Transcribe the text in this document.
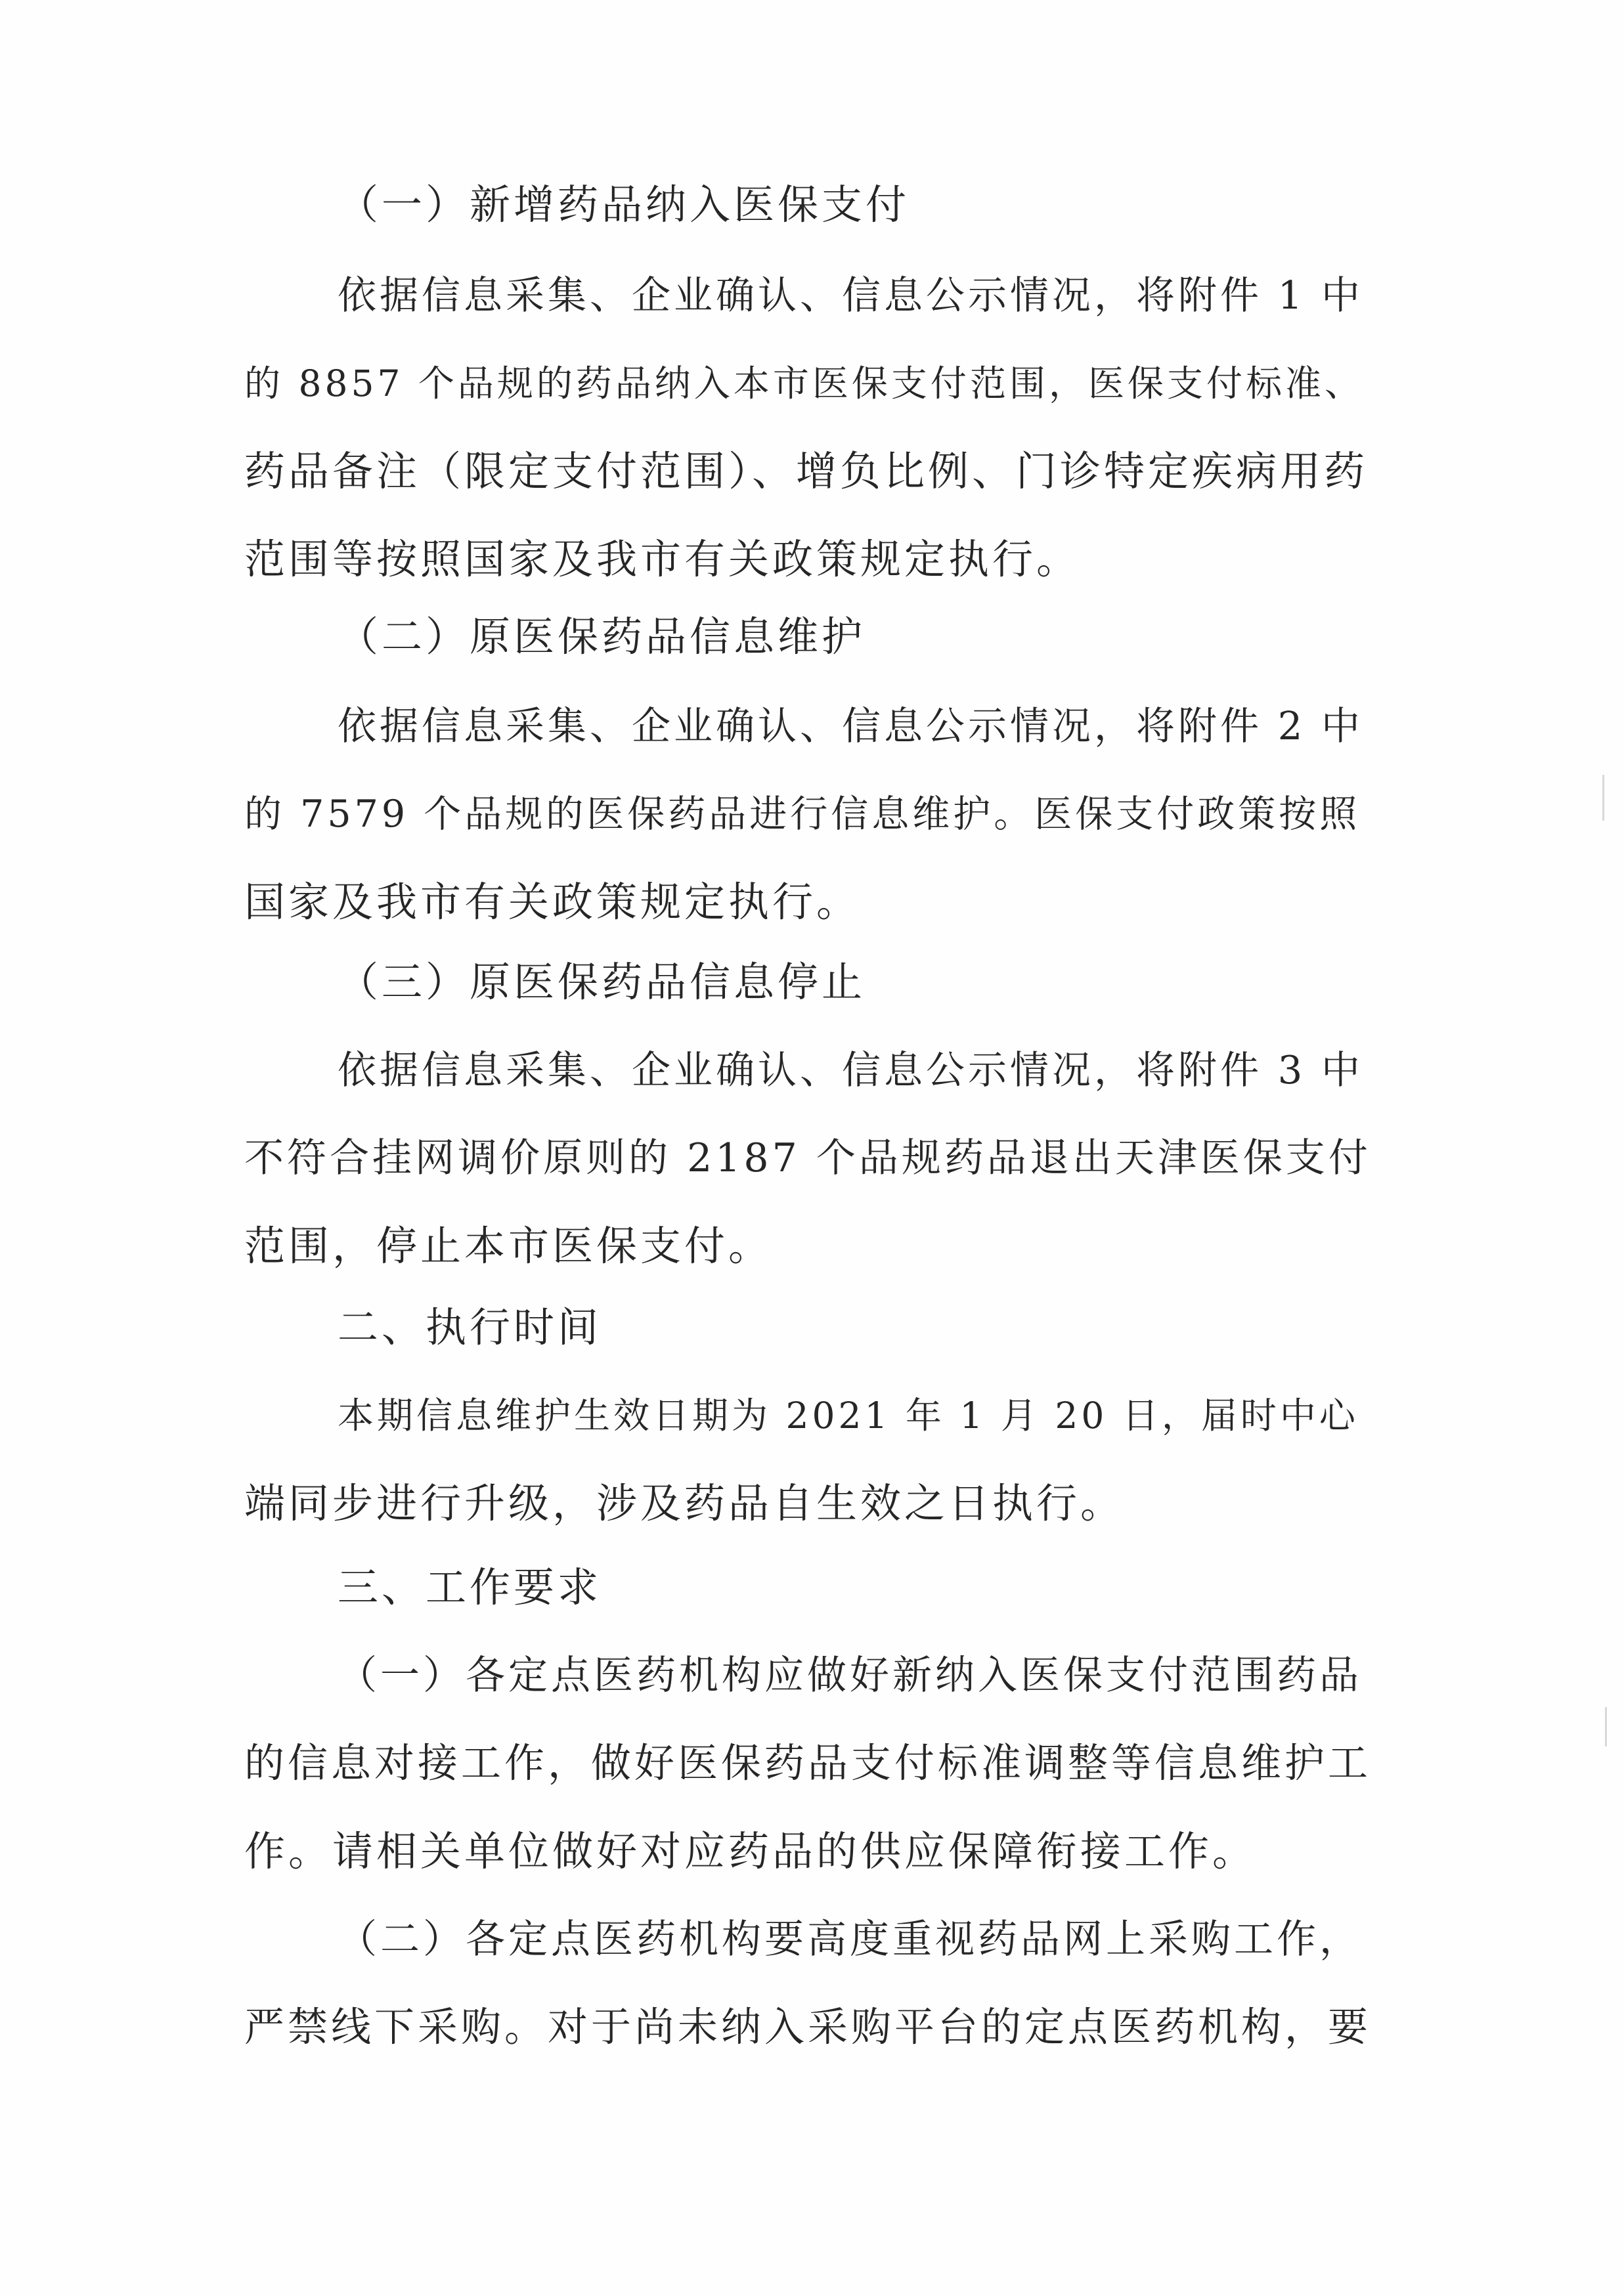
（一）新增药品纳入医保支付
依据信息采集、企业确认、信息公示情况，将附件 1 中
的 8857 个品规的药品纳入本市医保支付范围，医保支付标准、
药品备注（限定支付范围）、增负比例、门诊特定疾病用药
范围等按照国家及我市有关政策规定执行。
（二）原医保药品信息维护
依据信息采集、企业确认、信息公示情况，将附件 2 中
的 7579 个品规的医保药品进行信息维护。医保支付政策按照
国家及我市有关政策规定执行。
（三）原医保药品信息停止
依据信息采集、企业确认、信息公示情况，将附件 3 中
不符合挂网调价原则的 2187 个品规药品退出天津医保支付
范围，停止本市医保支付。
二、执行时间
本期信息维护生效日期为 2021 年 1 月 20 日，届时中心
端同步进行升级，涉及药品自生效之日执行。
三、工作要求
（一）各定点医药机构应做好新纳入医保支付范围药品
的信息对接工作，做好医保药品支付标准调整等信息维护工
作。请相关单位做好对应药品的供应保障衔接工作。
（二）各定点医药机构要高度重视药品网上采购工作，
严禁线下采购。对于尚未纳入采购平台的定点医药机构，要
